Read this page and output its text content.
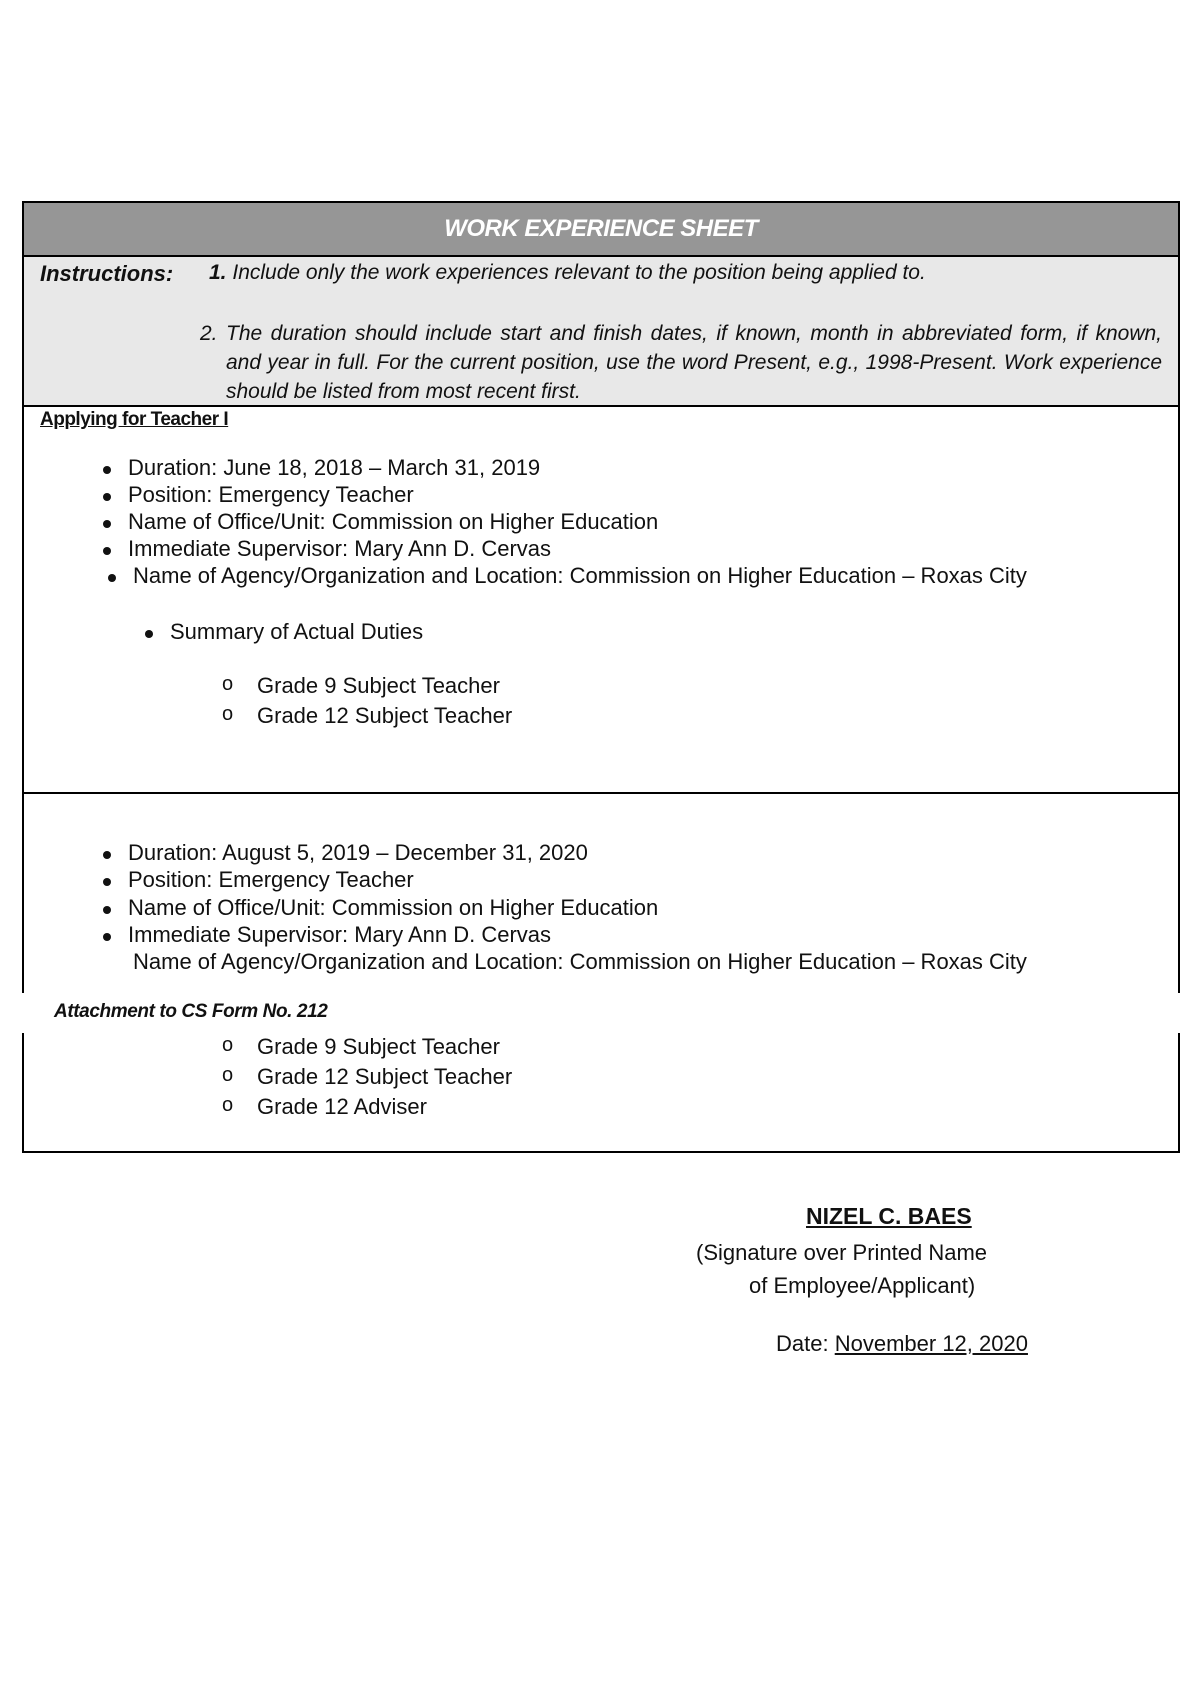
WORK EXPERIENCE SHEET
Instructions: 1. Include only the work experiences relevant to the position being applied to.
2. The duration should include start and finish dates, if known, month in abbreviated form, if known, and year in full. For the current position, use the word Present, e.g., 1998-Present. Work experience should be listed from most recent first.
Applying for Teacher I
Duration: June 18, 2018 – March 31, 2019
Position: Emergency Teacher
Name of Office/Unit: Commission on Higher Education
Immediate Supervisor: Mary Ann D. Cervas
Name of Agency/Organization and Location: Commission on Higher Education – Roxas City
Summary of Actual Duties
o Grade 9 Subject Teacher
o Grade 12 Subject Teacher
Duration: August 5, 2019 – December 31, 2020
Position: Emergency Teacher
Name of Office/Unit: Commission on Higher Education
Immediate Supervisor: Mary Ann D. Cervas
Name of Agency/Organization and Location: Commission on Higher Education – Roxas City
o Grade 9 Subject Teacher
o Grade 12 Subject Teacher
o Grade 12 Adviser
Attachment to CS Form No. 212
NIZEL C. BAES
(Signature over Printed Name
of Employee/Applicant)
Date: November 12, 2020
